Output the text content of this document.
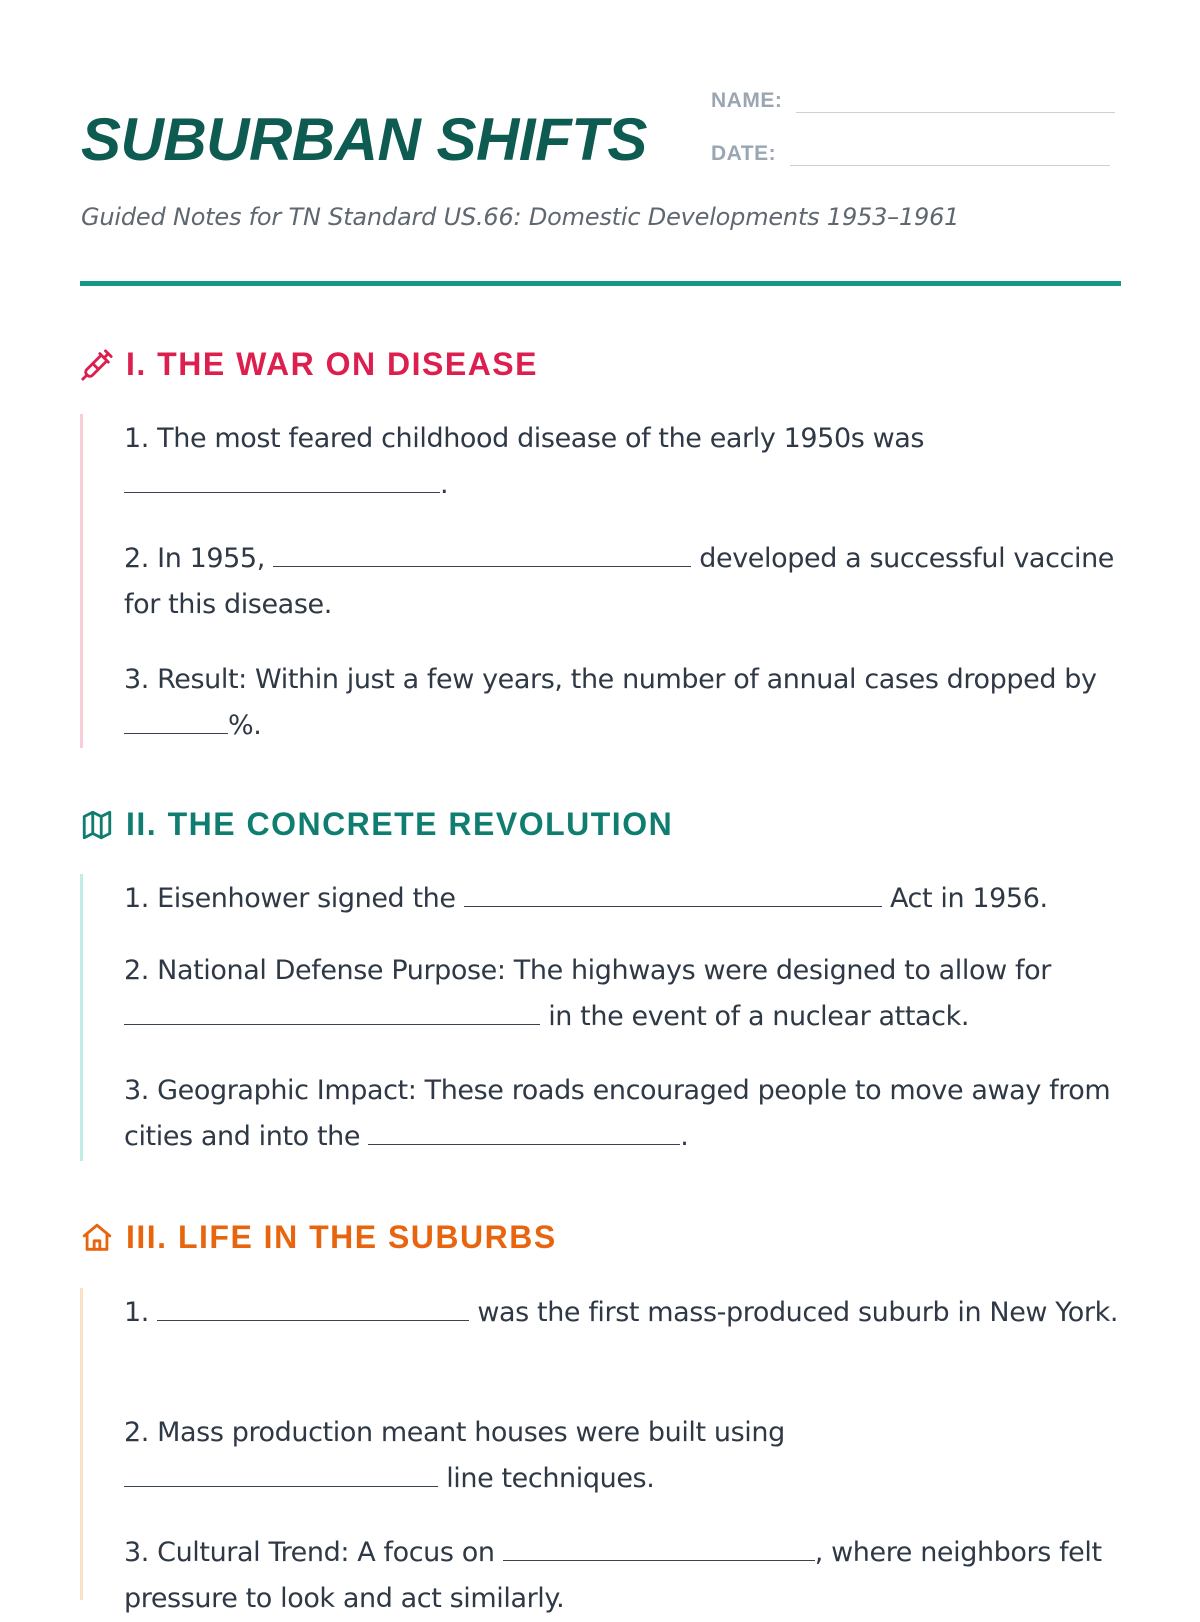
SUBURBAN SHIFTS
NAME:
DATE:

Guided Notes for TN Standard US.66: Domestic Developments 1953–1961

I. THE WAR ON DISEASE

1. The most feared childhood disease of the early 1950s was
.

2. In 1955,	developed a successful vaccine for this disease.

3. Result: Within just a few years, the number of annual cases dropped by %.

II. THE CONCRETE REVOLUTION

1. Eisenhower signed the	Act in 1956.

2. National Defense Purpose: The highways were designed to allow for
in the event of a nuclear attack.

3. Geographic Impact: These roads encouraged people to move away from cities and into the	.

III. LIFE IN THE SUBURBS

1.	was the first mass-produced suburb in New York.

2. Mass production meant houses were built using
line techniques.

3. Cultural Trend: A focus on	, where neighbors felt pressure to look and act similarly.
